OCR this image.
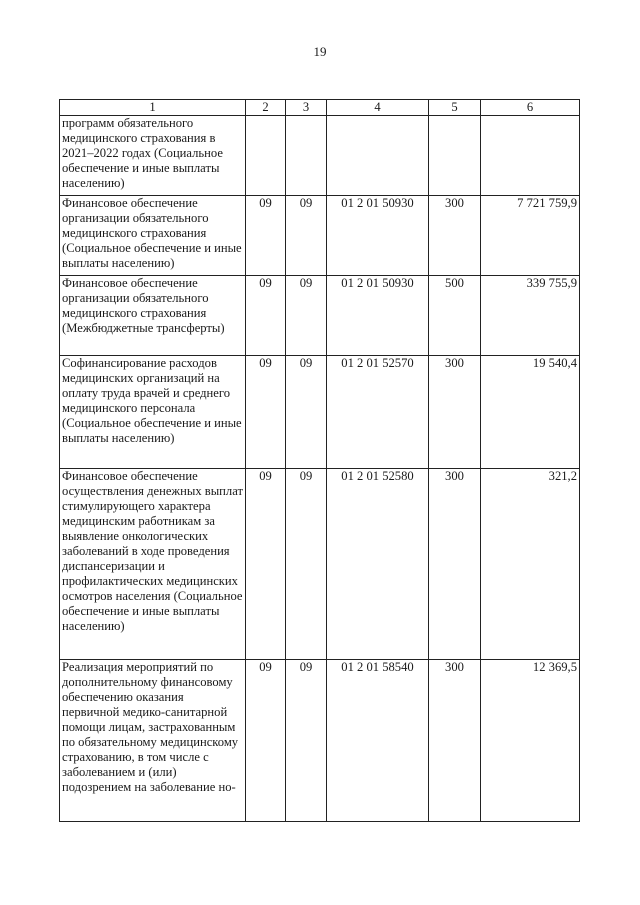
19
1	2	3	4	5	6
программ обязательного медицинского страхования в 2021–2022 годах (Социальное обеспечение и иные выплаты населению)					
Финансовое обеспечение организации обязательного медицинского страхования (Социальное обеспечение и иные выплаты населению)	09	09	01 2 01 50930	300	7 721 759,9
Финансовое обеспечение организации обязательного медицинского страхования (Межбюджетные трансферты)	09	09	01 2 01 50930	500	339 755,9
Софинансирование расходов медицинских организаций на оплату труда врачей и среднего медицинского персонала (Социальное обеспечение и иные выплаты населению)	09	09	01 2 01 52570	300	19 540,4
Финансовое обеспечение осуществления денежных выплат стимулирующего характера медицинским работникам за выявление онкологических заболеваний в ходе проведения диспансеризации и профилактических медицинских осмотров населения (Социальное обеспечение и иные выплаты населению)	09	09	01 2 01 52580	300	321,2
Реализация мероприятий по дополнительному финансовому обеспечению оказания первичной медико-санитарной помощи лицам, застрахованным по обязательному медицинскому страхованию, в том числе с заболеванием и (или) подозрением на заболевание но-	09	09	01 2 01 58540	300	12 369,5
